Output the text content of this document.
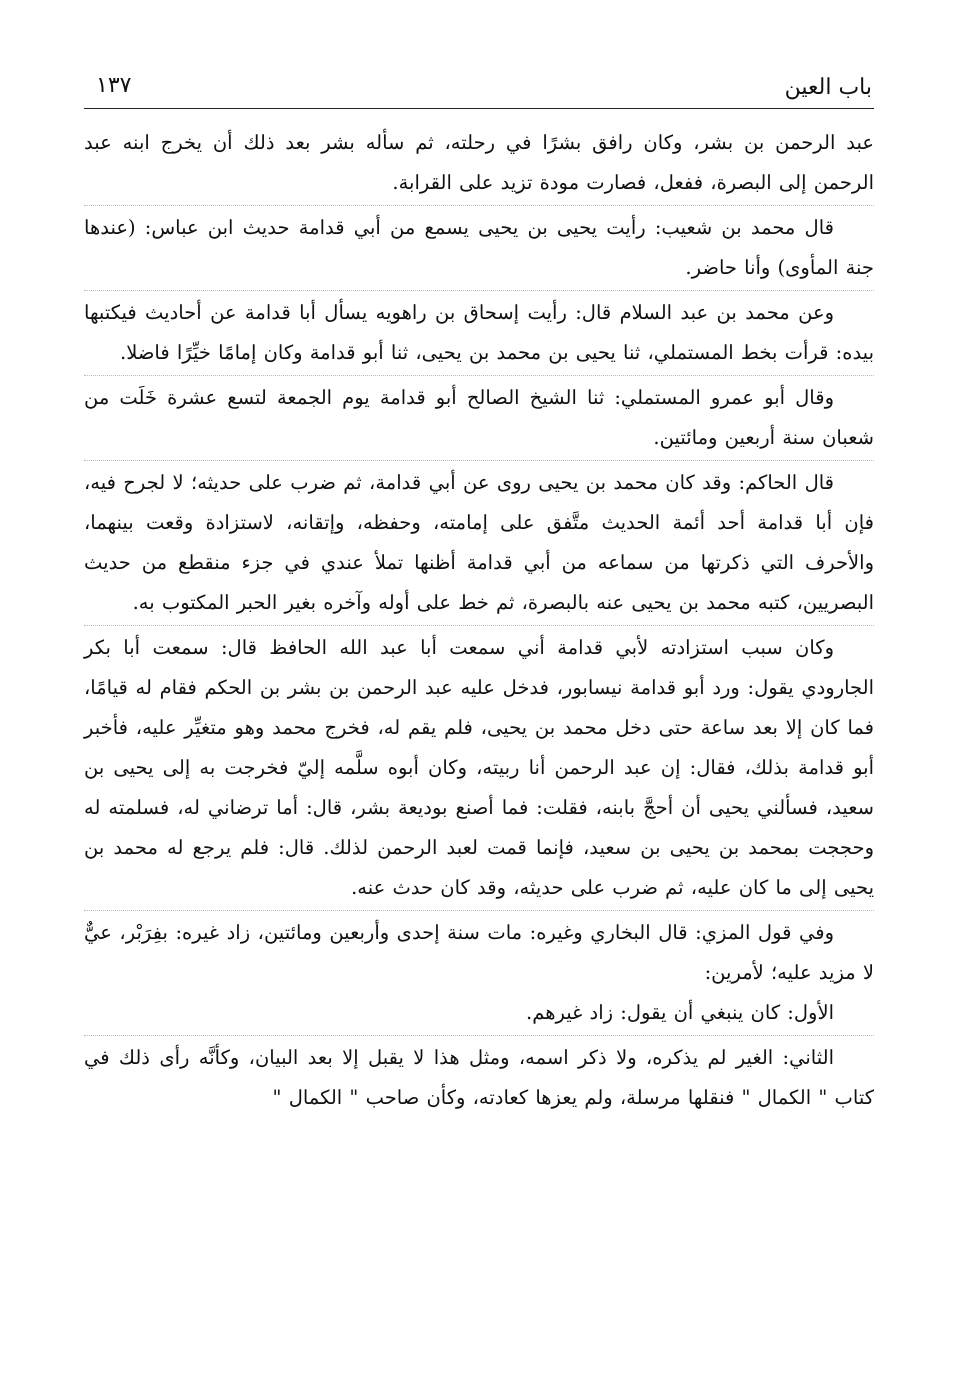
باب العين
١٣٧

عبد الرحمن بن بشر، وكان رافق بشرًا في رحلته، ثم سأله بشر بعد ذلك أن يخرج ابنه عبد الرحمن إلى البصرة، ففعل، فصارت مودة تزيد على القرابة.

قال محمد بن شعيب: رأيت يحيى بن يحيى يسمع من أبي قدامة حديث ابن عباس: (عندها جنة المأوى) وأنا حاضر.

وعن محمد بن عبد السلام قال: رأيت إسحاق بن راهويه يسأل أبا قدامة عن أحاديث فيكتبها بيده: قرأت بخط المستملي، ثنا يحيى بن محمد بن يحيى، ثنا أبو قدامة وكان إمامًا خيِّرًا فاضلا.

وقال أبو عمرو المستملي: ثنا الشيخ الصالح أبو قدامة يوم الجمعة لتسع عشرة خَلَت من شعبان سنة أربعين ومائتين.

قال الحاكم: وقد كان محمد بن يحيى روى عن أبي قدامة، ثم ضرب على حديثه؛ لا لجرح فيه، فإن أبا قدامة أحد أئمة الحديث متَّفق على إمامته، وحفظه، وإتقانه، لاستزادة وقعت بينهما، والأحرف التي ذكرتها من سماعه من أبي قدامة أظنها تملأ عندي في جزء منقطع من حديث البصريين، كتبه محمد بن يحيى عنه بالبصرة، ثم خط على أوله وآخره بغير الحبر المكتوب به.

وكان سبب استزادته لأبي قدامة أني سمعت أبا عبد الله الحافظ قال: سمعت أبا بكر الجارودي يقول: ورد أبو قدامة نيسابور، فدخل عليه عبد الرحمن بن بشر بن الحكم فقام له قيامًا، فما كان إلا بعد ساعة حتى دخل محمد بن يحيى، فلم يقم له، فخرج محمد وهو متغيِّر عليه، فأخبر أبو قدامة بذلك، فقال: إن عبد الرحمن أنا ربيته، وكان أبوه سلَّمه إليّ فخرجت به إلى يحيى بن سعيد، فسألني يحيى أن أحجَّ بابنه، فقلت: فما أصنع بوديعة بشر، قال: أما ترضاني له، فسلمته له وحججت بمحمد بن يحيى بن سعيد، فإنما قمت لعبد الرحمن لذلك. قال: فلم يرجع له محمد بن يحيى إلى ما كان عليه، ثم ضرب على حديثه، وقد كان حدث عنه.

وفي قول المزي: قال البخاري وغيره: مات سنة إحدى وأربعين ومائتين، زاد غيره: بفِرَبْر، عيٌّ لا مزيد عليه؛ لأمرين:

الأول: كان ينبغي أن يقول: زاد غيرهم.

الثاني: الغير لم يذكره، ولا ذكر اسمه، ومثل هذا لا يقبل إلا بعد البيان، وكأنَّه رأى ذلك في كتاب " الكمال " فنقلها مرسلة، ولم يعزها كعادته، وكأن صاحب " الكمال "
